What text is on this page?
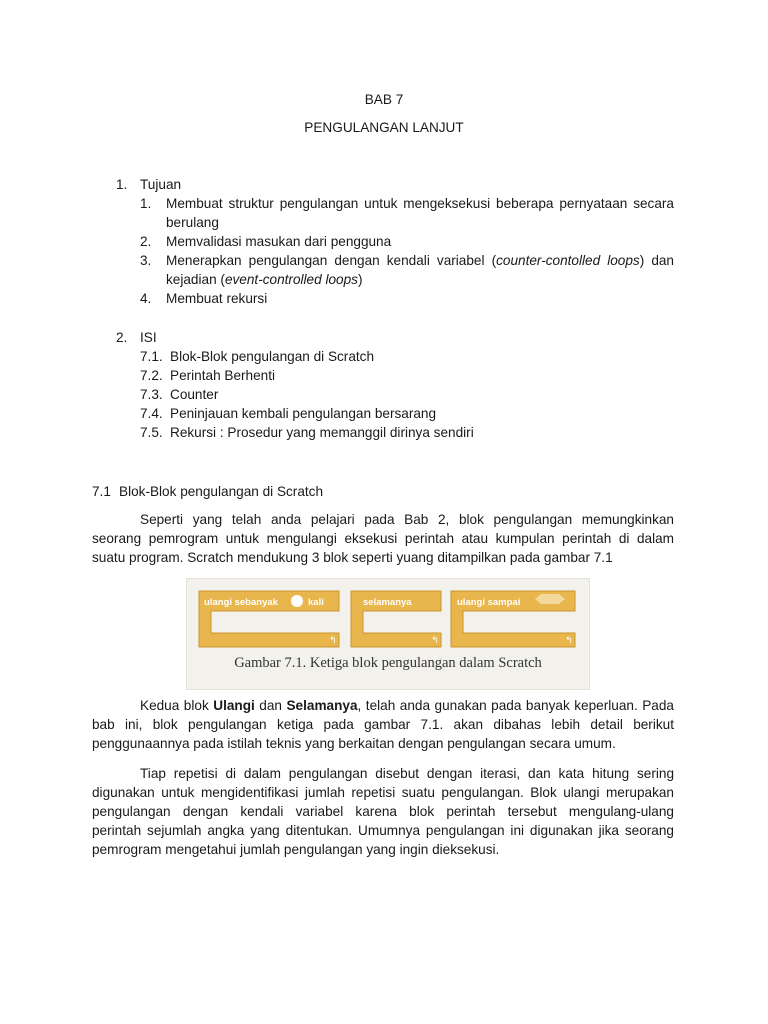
BAB 7
PENGULANGAN LANJUT
1. Tujuan
1. Membuat struktur pengulangan untuk mengeksekusi beberapa pernyataan secara
berulang
2. Memvalidasi masukan dari pengguna
3. Menerapkan pengulangan dengan kendali variabel (counter-contolled loops) dan
kejadian (event-controlled loops)
4. Membuat rekursi
2. ISI
7.1. Blok-Blok pengulangan di Scratch
7.2. Perintah Berhenti
7.3. Counter
7.4. Peninjauan kembali pengulangan bersarang
7.5. Rekursi : Prosedur yang memanggil dirinya sendiri
7.1 Blok-Blok pengulangan di Scratch
Seperti yang telah anda pelajari pada Bab 2, blok pengulangan memungkinkan
seorang pemrogram untuk mengulangi eksekusi perintah atau kumpulan perintah di dalam
suatu program. Scratch mendukung 3 blok seperti yuang ditampilkan pada gambar 7.1
ulangi sebanyak	kali
↰
selamanya
↰
ulangi sampai
↰
Gambar 7.1. Ketiga blok pengulangan dalam Scratch
Kedua blok Ulangi dan Selamanya, telah anda gunakan pada banyak keperluan. Pada
bab ini, blok pengulangan ketiga pada gambar 7.1. akan dibahas lebih detail berikut
penggunaannya pada istilah teknis yang berkaitan dengan pengulangan secara umum.
Tiap repetisi di dalam pengulangan disebut dengan iterasi, dan kata hitung sering
digunakan untuk mengidentifikasi jumlah repetisi suatu pengulangan. Blok ulangi merupakan
pengulangan dengan kendali variabel karena blok perintah tersebut mengulang-ulang
perintah sejumlah angka yang ditentukan. Umumnya pengulangan ini digunakan jika seorang
pemrogram mengetahui jumlah pengulangan yang ingin dieksekusi.
